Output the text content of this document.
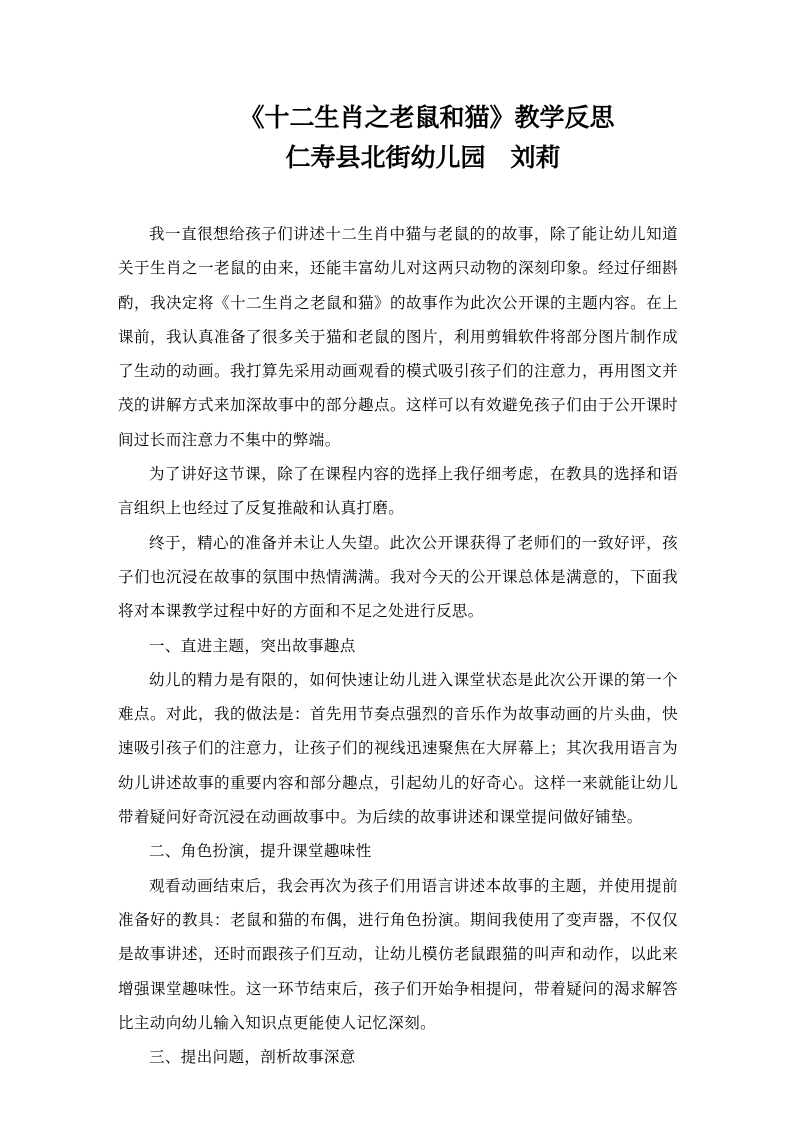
《十二生肖之老鼠和猫》教学反思
仁寿县北街幼儿园　刘莉

我一直很想给孩子们讲述十二生肖中猫与老鼠的的故事，除了能让幼儿知道关于生肖之一老鼠的由来，还能丰富幼儿对这两只动物的深刻印象。经过仔细斟酌，我决定将《十二生肖之老鼠和猫》的故事作为此次公开课的主题内容。在上课前，我认真准备了很多关于猫和老鼠的图片，利用剪辑软件将部分图片制作成了生动的动画。我打算先采用动画观看的模式吸引孩子们的注意力，再用图文并茂的讲解方式来加深故事中的部分趣点。这样可以有效避免孩子们由于公开课时间过长而注意力不集中的弊端。

为了讲好这节课，除了在课程内容的选择上我仔细考虑，在教具的选择和语言组织上也经过了反复推敲和认真打磨。

终于，精心的准备并未让人失望。此次公开课获得了老师们的一致好评，孩子们也沉浸在故事的氛围中热情满满。我对今天的公开课总体是满意的，下面我将对本课教学过程中好的方面和不足之处进行反思。

一、直进主题，突出故事趣点

幼儿的精力是有限的，如何快速让幼儿进入课堂状态是此次公开课的第一个难点。对此，我的做法是：首先用节奏点强烈的音乐作为故事动画的片头曲，快速吸引孩子们的注意力，让孩子们的视线迅速聚焦在大屏幕上；其次我用语言为幼儿讲述故事的重要内容和部分趣点，引起幼儿的好奇心。这样一来就能让幼儿带着疑问好奇沉浸在动画故事中。为后续的故事讲述和课堂提问做好铺垫。

二、角色扮演，提升课堂趣味性

观看动画结束后，我会再次为孩子们用语言讲述本故事的主题，并使用提前准备好的教具：老鼠和猫的布偶，进行角色扮演。期间我使用了变声器，不仅仅是故事讲述，还时而跟孩子们互动，让幼儿模仿老鼠跟猫的叫声和动作，以此来增强课堂趣味性。这一环节结束后，孩子们开始争相提问，带着疑问的渴求解答比主动向幼儿输入知识点更能使人记忆深刻。

三、提出问题，剖析故事深意
